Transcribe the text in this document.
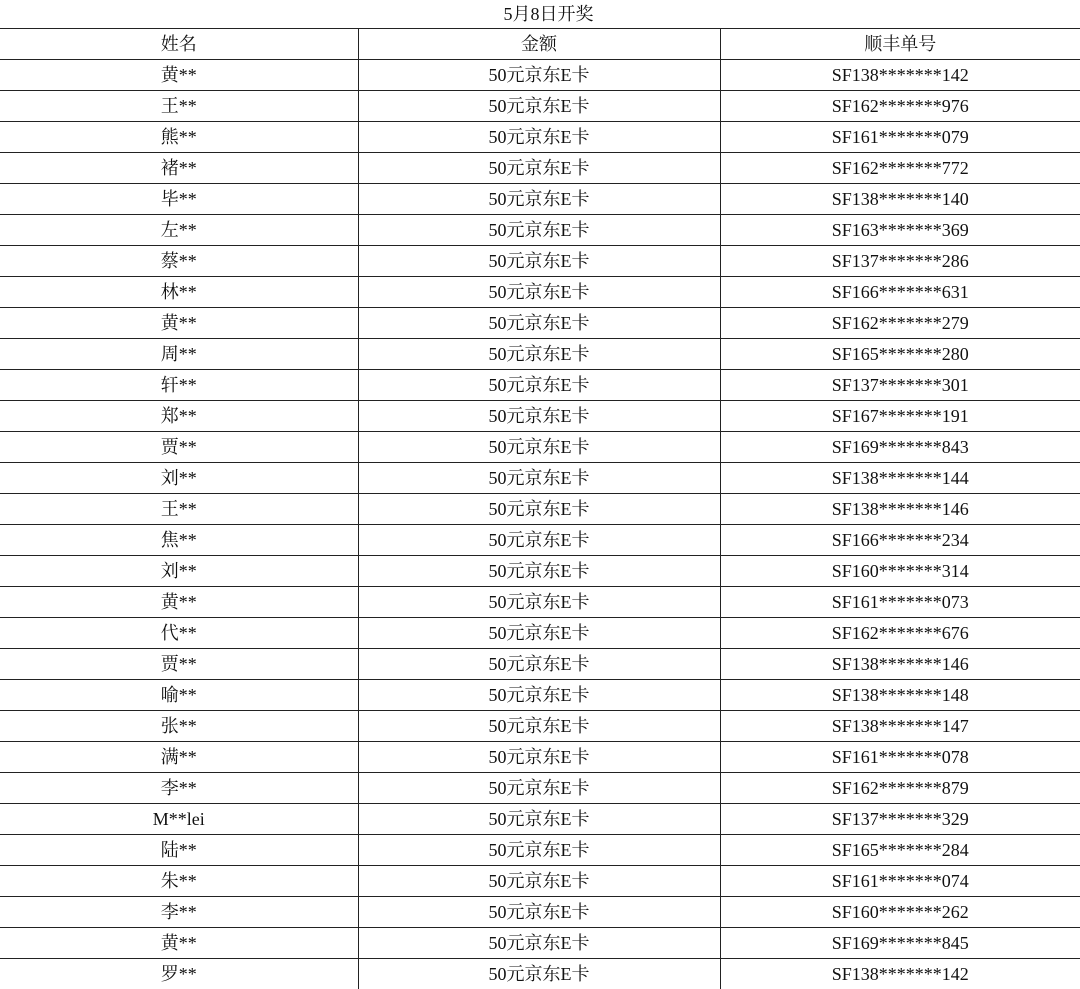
5月8日开奖
姓名	金额	顺丰单号
黄**	50元京东E卡	SF138*******142
王**	50元京东E卡	SF162*******976
熊**	50元京东E卡	SF161*******079
褚**	50元京东E卡	SF162*******772
毕**	50元京东E卡	SF138*******140
左**	50元京东E卡	SF163*******369
蔡**	50元京东E卡	SF137*******286
林**	50元京东E卡	SF166*******631
黄**	50元京东E卡	SF162*******279
周**	50元京东E卡	SF165*******280
轩**	50元京东E卡	SF137*******301
郑**	50元京东E卡	SF167*******191
贾**	50元京东E卡	SF169*******843
刘**	50元京东E卡	SF138*******144
王**	50元京东E卡	SF138*******146
焦**	50元京东E卡	SF166*******234
刘**	50元京东E卡	SF160*******314
黄**	50元京东E卡	SF161*******073
代**	50元京东E卡	SF162*******676
贾**	50元京东E卡	SF138*******146
喻**	50元京东E卡	SF138*******148
张**	50元京东E卡	SF138*******147
满**	50元京东E卡	SF161*******078
李**	50元京东E卡	SF162*******879
M**lei	50元京东E卡	SF137*******329
陆**	50元京东E卡	SF165*******284
朱**	50元京东E卡	SF161*******074
李**	50元京东E卡	SF160*******262
黄**	50元京东E卡	SF169*******845
罗**	50元京东E卡	SF138*******142
